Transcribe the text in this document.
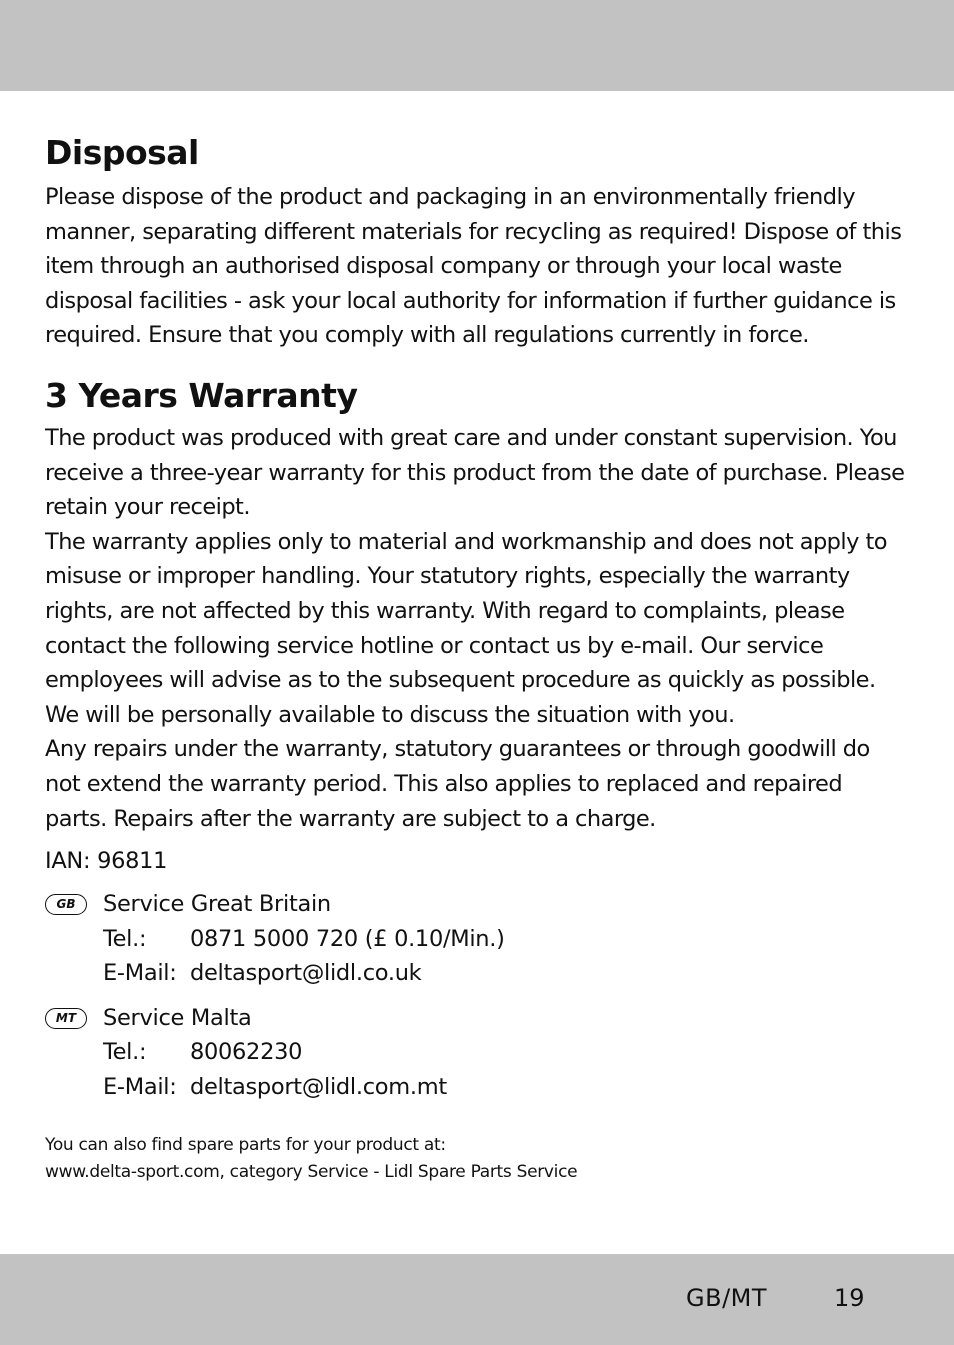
Disposal

Please dispose of the product and packaging in an environmentally friendly manner, separating different materials for recycling as required! Dispose of this item through an authorised disposal company or through your local waste disposal facilities - ask your local authority for information if further guidance is required. Ensure that you comply with all regulations currently in force.

3 Years Warranty

The product was produced with great care and under constant supervision. You receive a three-year warranty for this product from the date of purchase. Please retain your receipt.

The warranty applies only to material and workmanship and does not apply to misuse or improper handling. Your statutory rights, especially the warranty rights, are not affected by this warranty. With regard to complaints, please contact the following service hotline or contact us by e-mail. Our service employees will advise as to the subsequent procedure as quickly as possible. We will be personally available to discuss the situation with you.

Any repairs under the warranty, statutory guarantees or through goodwill do not extend the warranty period. This also applies to replaced and repaired parts. Repairs after the warranty are subject to a charge.

IAN: 96811
GB	Service Great Britain
Tel.: 0871 5000 720 (£ 0.10/Min.)
E-Mail: deltasport@lidl.co.uk
MT	Service Malta
Tel.: 80062230
E-Mail: deltasport@lidl.com.mt
You can also find spare parts for your product at:
www.delta-sport.com, category Service - Lidl Spare Parts Service
GB/MT	19
